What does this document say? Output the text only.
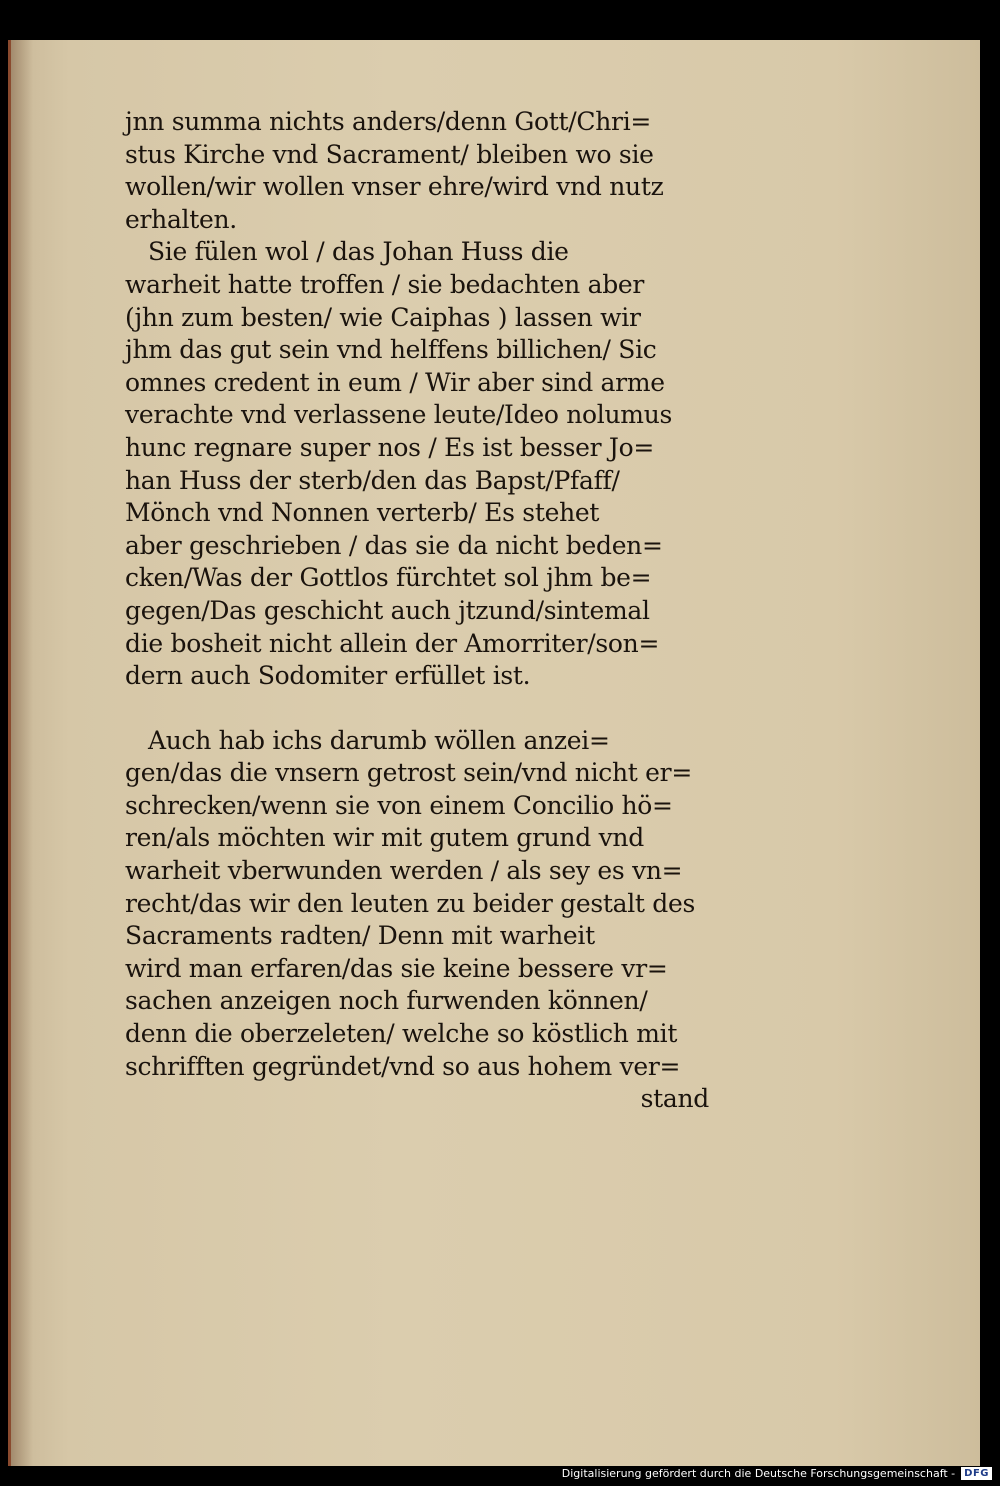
jnn summa nichts anders/denn Gott/Chri=
stus Kirche vnd Sacrament/ bleiben wo sie
wollen/wir wollen vnser ehre/wird vnd nutz
erhalten.
Sie fülen wol / das Johan Huss die
warheit hatte troffen / sie bedachten aber
(jhn zum besten/ wie Caiphas ) lassen wir
jhm das gut sein vnd helffens billichen/ Sic
omnes credent in eum / Wir aber sind arme
verachte vnd verlassene leute/Ideo nolumus
hunc regnare super nos / Es ist besser Jo=
han Huss der sterb/den das Bapst/Pfaff/
Mönch vnd Nonnen verterb/ Es stehet
aber geschrieben / das sie da nicht beden=
cken/Was der Gottlos fürchtet sol jhm be=
gegen/Das geschicht auch jtzund/sintemal
die bosheit nicht allein der Amorriter/son=
dern auch Sodomiter erfüllet ist.
Auch hab ichs darumb wöllen anzei=
gen/das die vnsern getrost sein/vnd nicht er=
schrecken/wenn sie von einem Concilio hö=
ren/als möchten wir mit gutem grund vnd
warheit vberwunden werden / als sey es vn=
recht/das wir den leuten zu beider gestalt des
Sacraments radten/ Denn mit warheit
wird man erfaren/das sie keine bessere vr=
sachen anzeigen noch furwenden können/
denn die oberzeleten/ welche so köstlich mit
schrifften gegründet/vnd so aus hohem ver=
stand
Digitalisierung gefördert durch die Deutsche Forschungsgemeinschaft - DFG
